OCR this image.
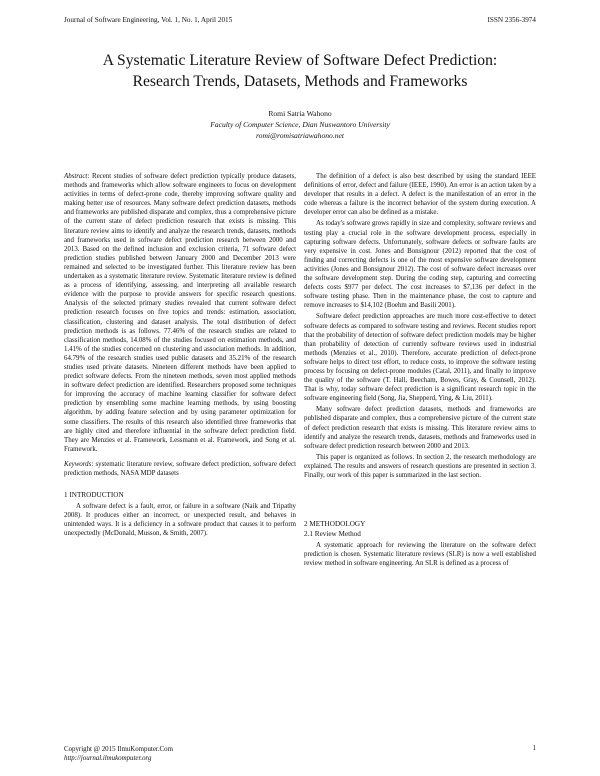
Journal of Software Engineering, Vol. 1, No. 1, April 2015	ISSN 2356-3974
A Systematic Literature Review of Software Defect Prediction:
Research Trends, Datasets, Methods and Frameworks
Romi Satria Wahono
Faculty of Computer Science, Dian Nuswantoro University
romi@romisatriawahono.net

Abstract: Recent studies of software defect prediction typically produce datasets, methods and frameworks which allow software engineers to focus on development activities in terms of defect-prone code, thereby improving software quality and making better use of resources. Many software defect prediction datasets, methods and frameworks are published disparate and complex, thus a comprehensive picture of the current state of defect prediction research that exists is missing. This literature review aims to identify and analyze the research trends, datasets, methods and frameworks used in software defect prediction research between 2000 and 2013. Based on the defined inclusion and exclusion criteria, 71 software defect prediction studies published between January 2000 and December 2013 were remained and selected to be investigated further. This literature review has been undertaken as a systematic literature review. Systematic literature review is defined as a process of identifying, assessing, and interpreting all available research evidence with the purpose to provide answers for specific research questions. Analysis of the selected primary studies revealed that current software defect prediction research focuses on five topics and trends: estimation, association, classification, clustering and dataset analysis. The total distribution of defect prediction methods is as follows. 77.46% of the research studies are related to classification methods, 14.08% of the studies focused on estimation methods, and 1.41% of the studies concerned on clustering and association methods. In addition, 64.79% of the research studies used public datasets and 35.21% of the research studies used private datasets. Nineteen different methods have been applied to predict software defects. From the nineteen methods, seven most applied methods in software defect prediction are identified. Researchers proposed some techniques for improving the accuracy of machine learning classifier for software defect prediction by ensembling some machine learning methods, by using boosting algorithm, by adding feature selection and by using parameter optimization for some classifiers. The results of this research also identified three frameworks that are highly cited and therefore influential in the software defect prediction field. They are Menzies et al. Framework, Lessmann et al. Framework, and Song et al. Framework.

Keywords: systematic literature review, software defect prediction, software defect prediction methods, NASA MDP datasets

1 INTRODUCTION

A software defect is a fault, error, or failure in a software (Naik and Tripathy 2008). It produces either an incorrect, or unexpected result, and behaves in unintended ways. It is a deficiency in a software product that causes it to perform unexpectedly (McDonald, Musson, & Smith, 2007).

The definition of a defect is also best described by using the standard IEEE definitions of error, defect and failure (IEEE, 1990). An error is an action taken by a developer that results in a defect. A defect is the manifestation of an error in the code whereas a failure is the incorrect behavior of the system during execution. A developer error can also be defined as a mistake.

As today's software grows rapidly in size and complexity, software reviews and testing play a crucial role in the software development process, especially in capturing software defects. Unfortunately, software defects or software faults are very expensive in cost. Jones and Bonsignour (2012) reported that the cost of finding and correcting defects is one of the most expensive software development activities (Jones and Bonsignour 2012). The cost of software defect increases over the software development step. During the coding step, capturing and correcting defects costs $977 per defect. The cost increases to $7,136 per defect in the software testing phase. Then in the maintenance phase, the cost to capture and remove increases to $14,102 (Boehm and Basili 2001).

Software defect prediction approaches are much more cost-effective to detect software defects as compared to software testing and reviews. Recent studies report that the probability of detection of software defect prediction models may be higher than probability of detection of currently software reviews used in industrial methods (Menzies et al., 2010). Therefore, accurate prediction of defect-prone software helps to direct test effort, to reduce costs, to improve the software testing process by focusing on defect-prone modules (Catal, 2011), and finally to improve the quality of the software (T. Hall, Beecham, Bowes, Gray, & Counsell, 2012). That is why, today software defect prediction is a significant research topic in the software engineering field (Song, Jia, Shepperd, Ying, & Liu, 2011).

Many software defect prediction datasets, methods and frameworks are published disparate and complex, thus a comprehensive picture of the current state of defect prediction research that exists is missing. This literature review aims to identify and analyze the research trends, datasets, methods and frameworks used in software defect prediction research between 2000 and 2013.

This paper is organized as follows. In section 2, the research methodology are explained. The results and answers of research questions are presented in section 3. Finally, our work of this paper is summarized in the last section.

2 METHODOLOGY

2.1 Review Method

A systematic approach for reviewing the literature on the software defect prediction is chosen. Systematic literature reviews (SLR) is now a well established review method in software engineering. An SLR is defined as a process of

Copyright @ 2015 IlmuKomputer.Com
http://journal.ilmukomputer.org
1
